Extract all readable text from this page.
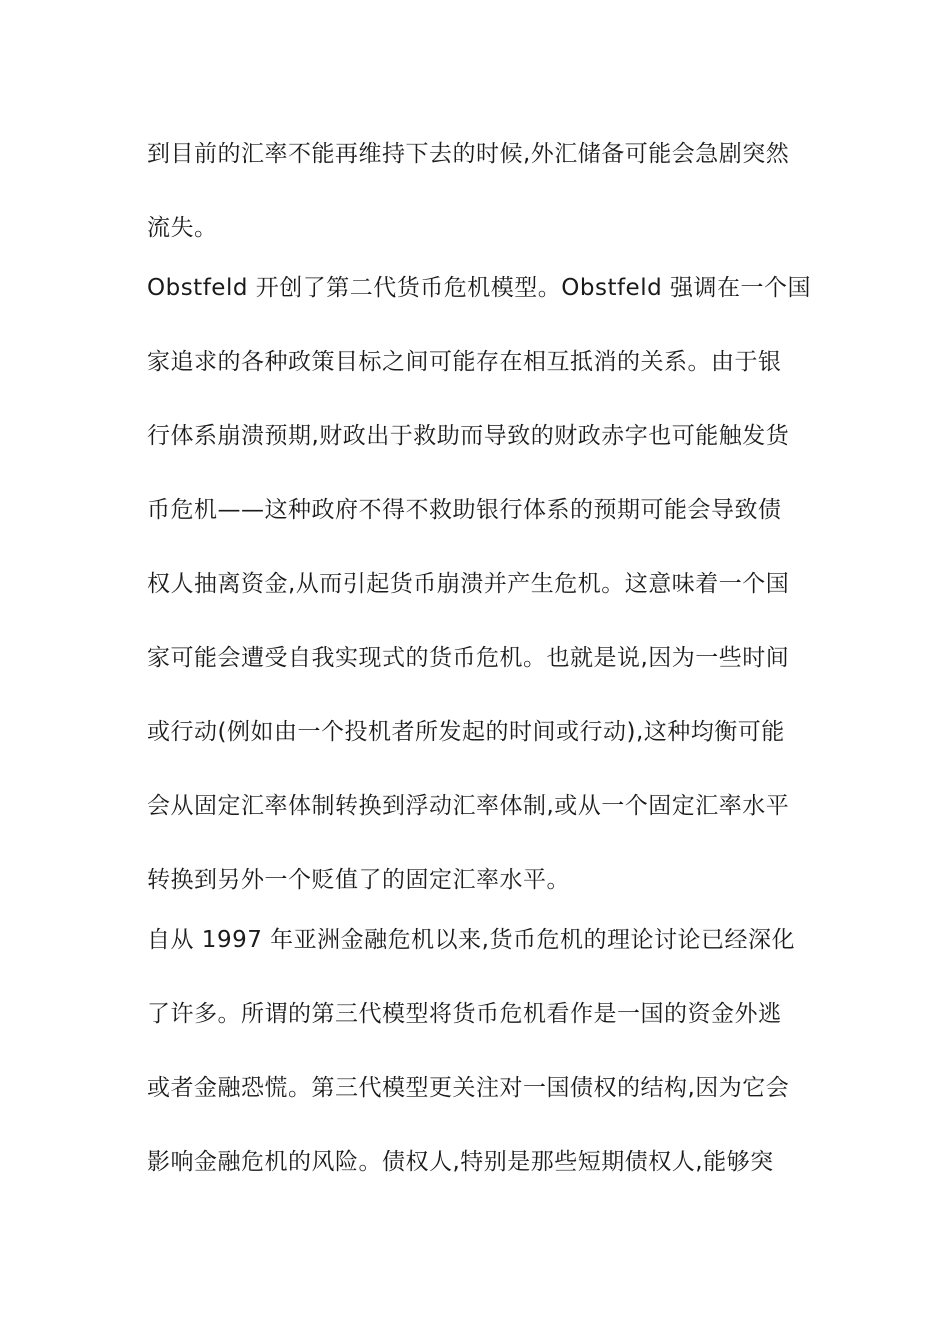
到目前的汇率不能再维持下去的时候,外汇储备可能会急剧突然
流失。
Obstfeld 开创了第二代货币危机模型。Obstfeld 强调在一个国
家追求的各种政策目标之间可能存在相互抵消的关系。由于银
行体系崩溃预期,财政出于救助而导致的财政赤字也可能触发货
币危机——这种政府不得不救助银行体系的预期可能会导致债
权人抽离资金,从而引起货币崩溃并产生危机。这意味着一个国
家可能会遭受自我实现式的货币危机。也就是说,因为一些时间
或行动(例如由一个投机者所发起的时间或行动),这种均衡可能
会从固定汇率体制转换到浮动汇率体制,或从一个固定汇率水平
转换到另外一个贬值了的固定汇率水平。
自从 1997 年亚洲金融危机以来,货币危机的理论讨论已经深化
了许多。所谓的第三代模型将货币危机看作是一国的资金外逃
或者金融恐慌。第三代模型更关注对一国债权的结构,因为它会
影响金融危机的风险。债权人,特别是那些短期债权人,能够突
